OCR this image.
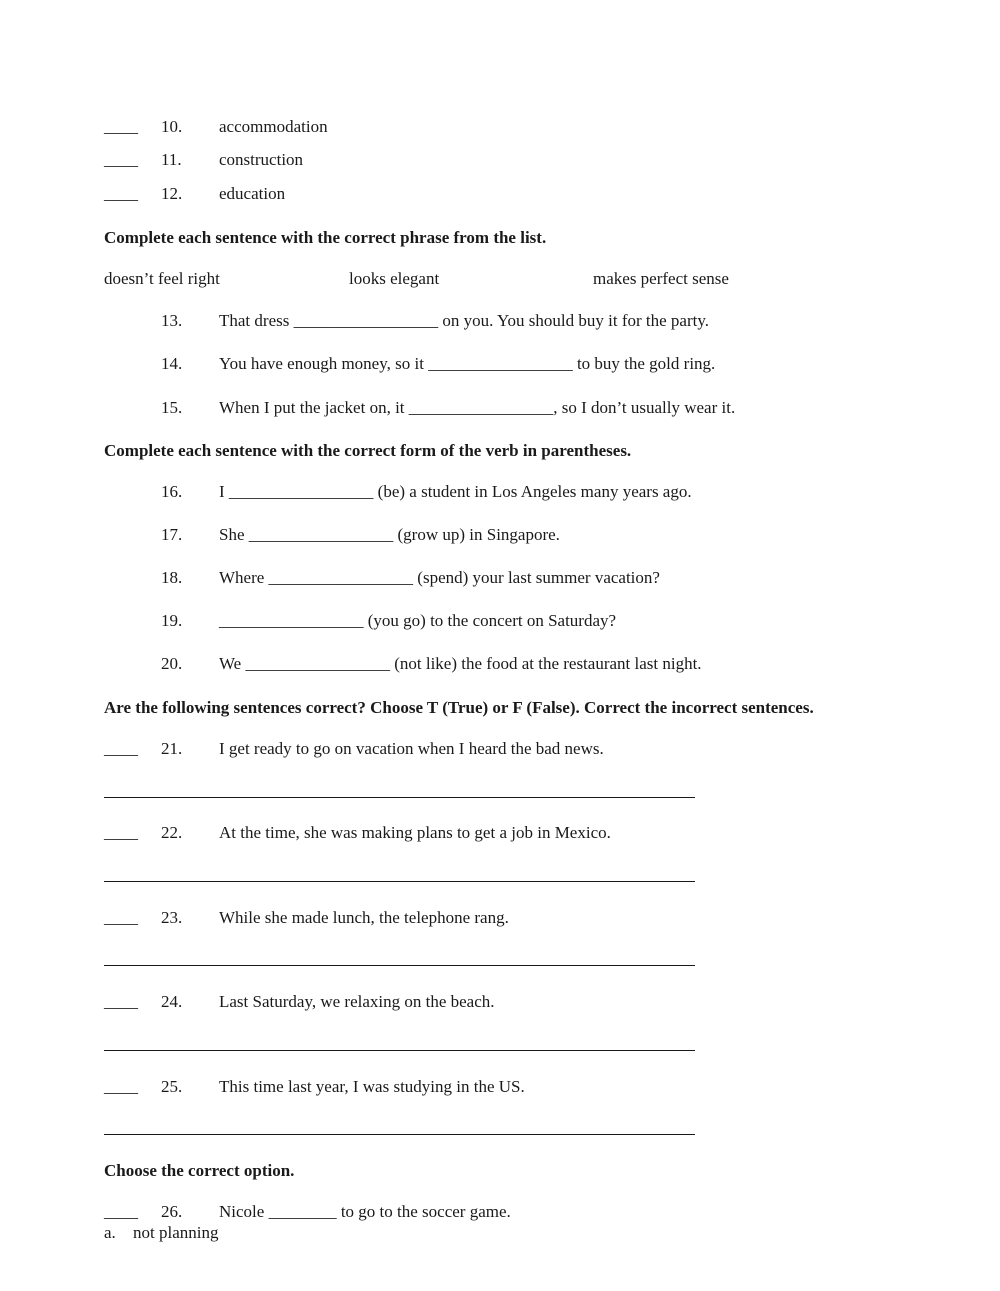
____ 10. accommodation
____ 11. construction
____ 12. education
Complete each sentence with the correct phrase from the list.
doesn’t feel right	looks elegant	makes perfect sense
13. That dress _________________ on you. You should buy it for the party.
14. You have enough money, so it _________________ to buy the gold ring.
15. When I put the jacket on, it _________________, so I don’t usually wear it.
Complete each sentence with the correct form of the verb in parentheses.
16. I _________________ (be) a student in Los Angeles many years ago.
17. She _________________ (grow up) in Singapore.
18. Where _________________ (spend) your last summer vacation?
19. _________________ (you go) to the concert on Saturday?
20. We _________________ (not like) the food at the restaurant last night.
Are the following sentences correct? Choose T (True) or F (False). Correct the incorrect sentences.
____ 21. I get ready to go on vacation when I heard the bad news.
____ 22. At the time, she was making plans to get a job in Mexico.
____ 23. While she made lunch, the telephone rang.
____ 24. Last Saturday, we relaxing on the beach.
____ 25. This time last year, I was studying in the US.
Choose the correct option.
____ 26. Nicole ________ to go to the soccer game.
a. not planning
